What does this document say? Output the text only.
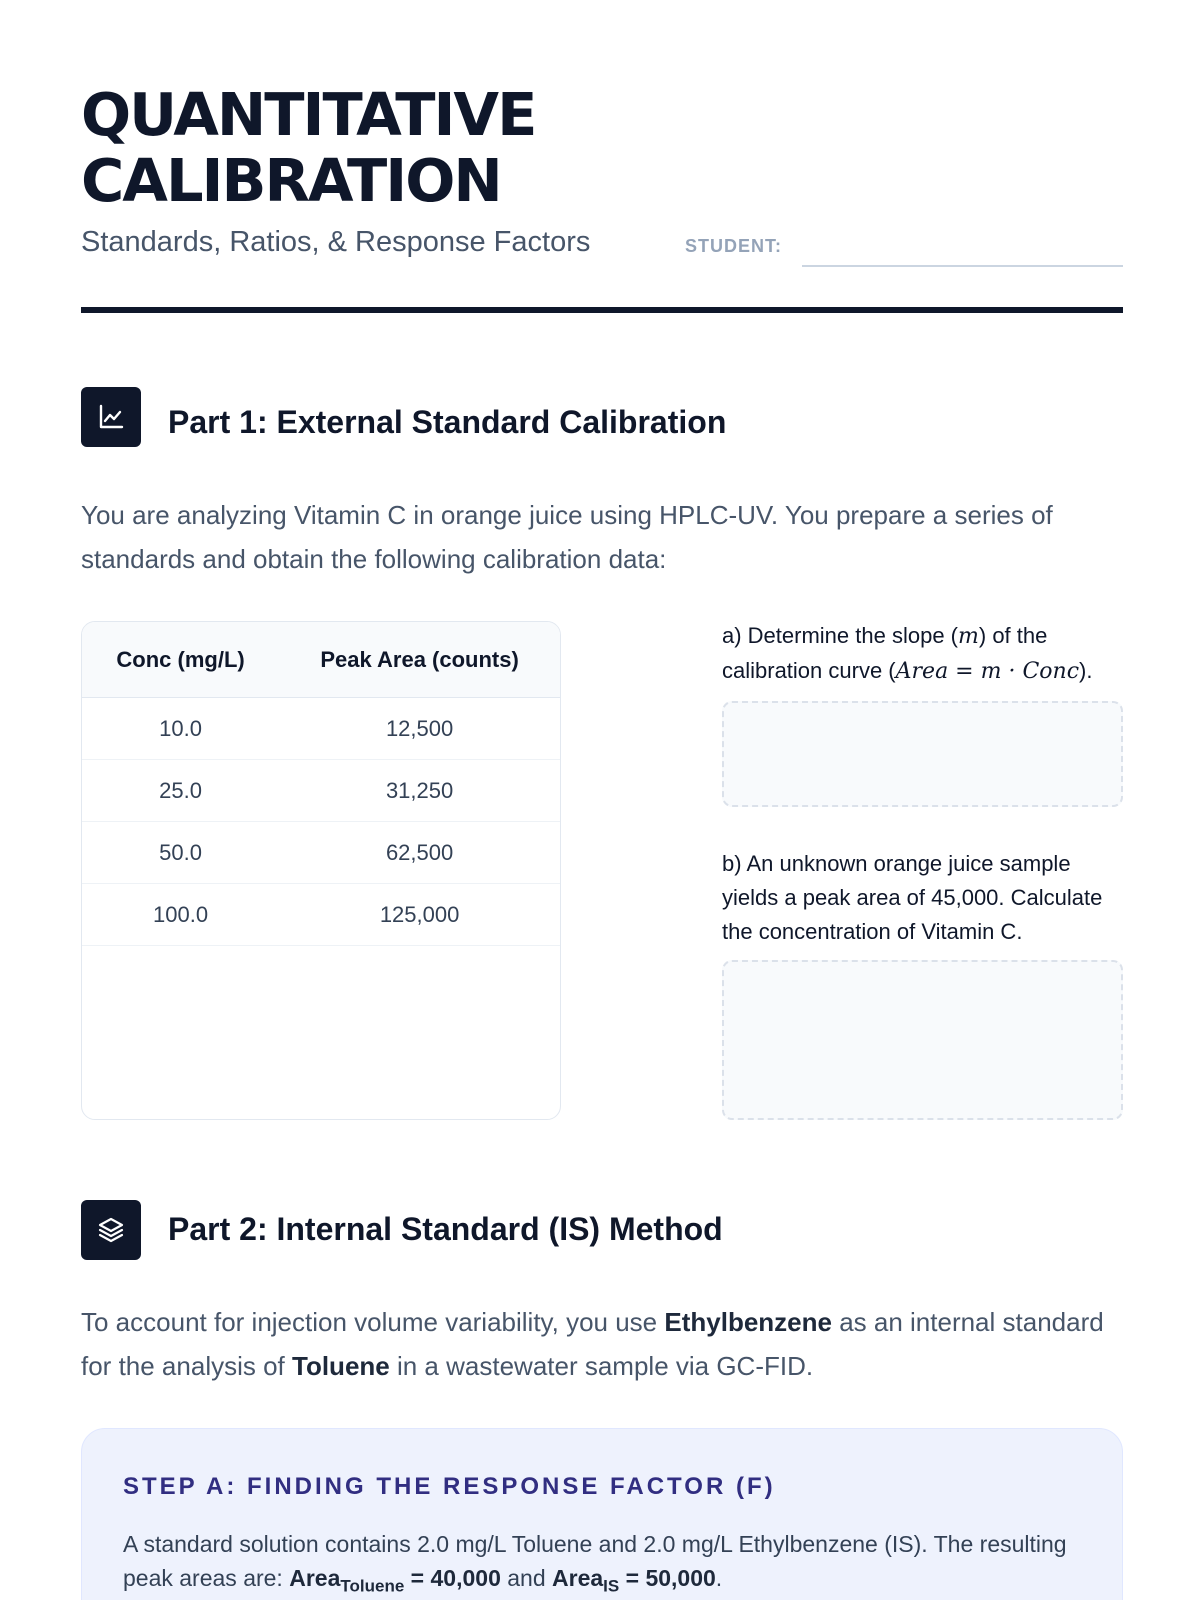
QUANTITATIVE
CALIBRATION
Standards, Ratios, & Response Factors	STUDENT:
Part 1: External Standard Calibration

You are analyzing Vitamin C in orange juice using HPLC-UV. You prepare a series of standards and obtain the following calibration data:

Conc (mg/L)	Peak Area (counts)
10.0	12,500
25.0	31,250
50.0	62,500
100.0	125,000

a) Determine the slope (m) of the calibration curve (Area = m · Conc).

b) An unknown orange juice sample yields a peak area of 45,000. Calculate the concentration of Vitamin C.

Part 2: Internal Standard (IS) Method

To account for injection volume variability, you use Ethylbenzene as an internal standard for the analysis of Toluene in a wastewater sample via GC-FID.

STEP A: FINDING THE RESPONSE FACTOR (F)

A standard solution contains 2.0 mg/L Toluene and 2.0 mg/L Ethylbenzene (IS). The resulting peak areas are: Area$_{Toluene}$ = 40,000 and Area$_{IS}$ = 50,000.
